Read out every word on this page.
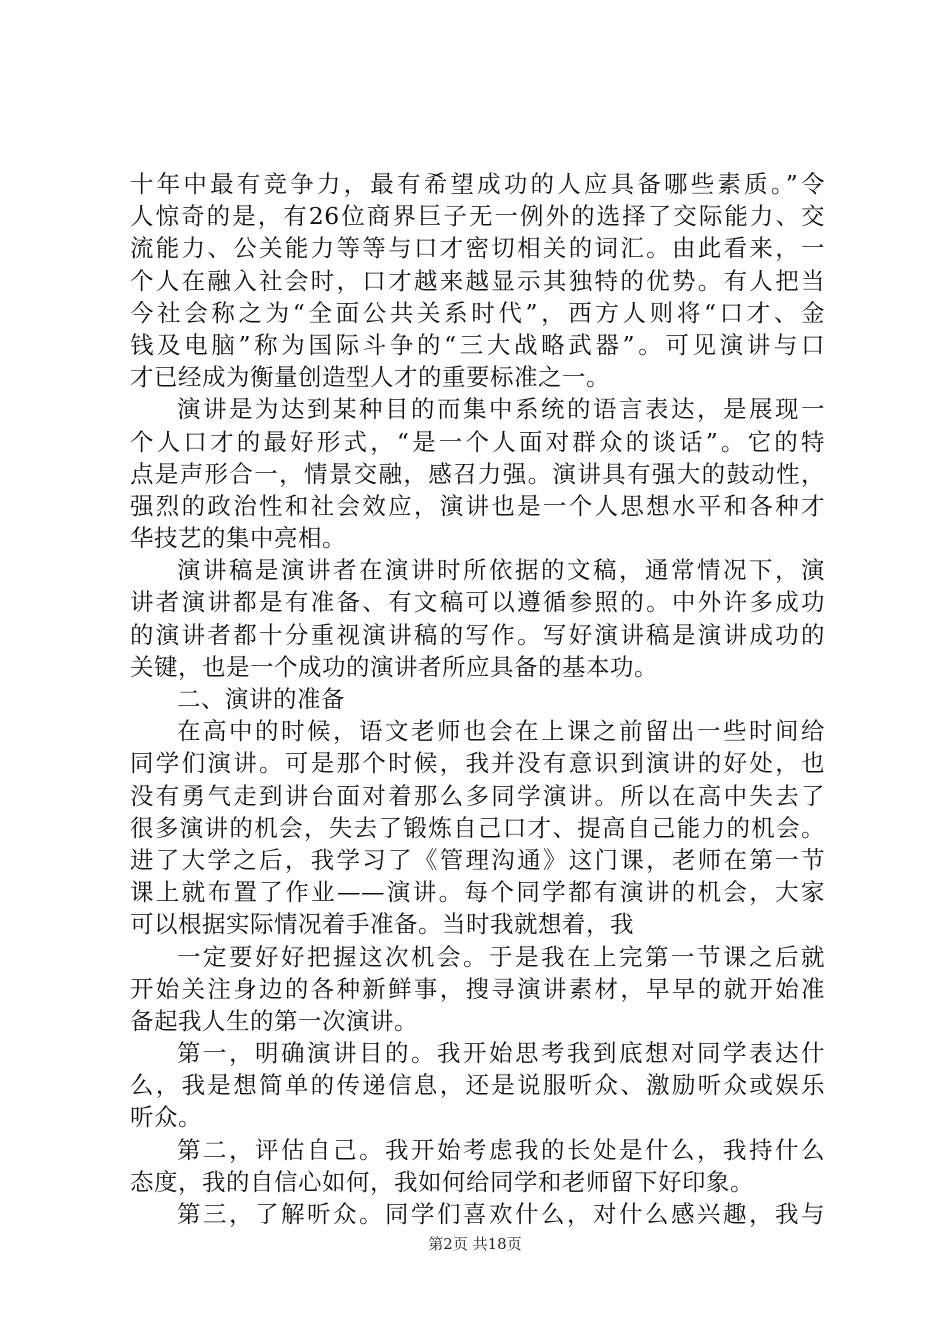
十年中最有竞争力，最有希望成功的人应具备哪些素质。”令
人惊奇的是，有26位商界巨子无一例外的选择了交际能力、交
流能力、公关能力等等与口才密切相关的词汇。由此看来，一
个人在融入社会时，口才越来越显示其独特的优势。有人把当
今社会称之为“全面公共关系时代”，西方人则将“口才、金
钱及电脑”称为国际斗争的“三大战略武器”。可见演讲与口
才已经成为衡量创造型人才的重要标准之一。
演讲是为达到某种目的而集中系统的语言表达，是展现一
个人口才的最好形式，“是一个人面对群众的谈话”。它的特
点是声形合一，情景交融，感召力强。演讲具有强大的鼓动性，
强烈的政治性和社会效应，演讲也是一个人思想水平和各种才
华技艺的集中亮相。
演讲稿是演讲者在演讲时所依据的文稿，通常情况下，演
讲者演讲都是有准备、有文稿可以遵循参照的。中外许多成功
的演讲者都十分重视演讲稿的写作。写好演讲稿是演讲成功的
关键，也是一个成功的演讲者所应具备的基本功。
二、演讲的准备
在高中的时候，语文老师也会在上课之前留出一些时间给
同学们演讲。可是那个时候，我并没有意识到演讲的好处，也
没有勇气走到讲台面对着那么多同学演讲。所以在高中失去了
很多演讲的机会，失去了锻炼自己口才、提高自己能力的机会。
进了大学之后，我学习了《管理沟通》这门课，老师在第一节
课上就布置了作业——演讲。每个同学都有演讲的机会，大家
可以根据实际情况着手准备。当时我就想着，我
一定要好好把握这次机会。于是我在上完第一节课之后就
开始关注身边的各种新鲜事，搜寻演讲素材，早早的就开始准
备起我人生的第一次演讲。
第一，明确演讲目的。我开始思考我到底想对同学表达什
么，我是想简单的传递信息，还是说服听众、激励听众或娱乐
听众。
第二，评估自己。我开始考虑我的长处是什么，我持什么
态度，我的自信心如何，我如何给同学和老师留下好印象。
第三，了解听众。同学们喜欢什么，对什么感兴趣，我与
第2页 共18页
